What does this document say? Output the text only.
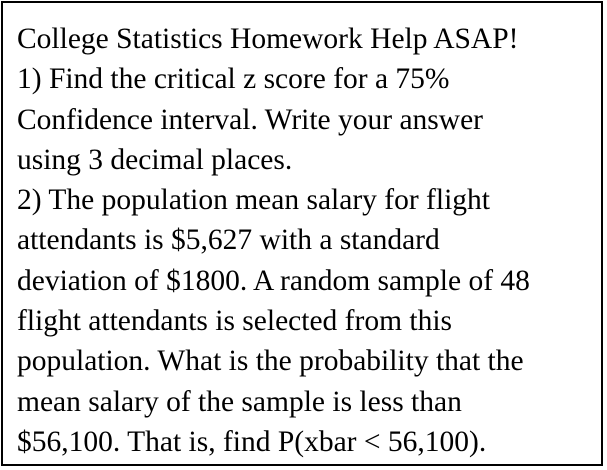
College Statistics Homework Help ASAP!
1) Find the critical z score for a 75%
Confidence interval. Write your answer
using 3 decimal places.
2) The population mean salary for flight
attendants is $5,627 with a standard
deviation of $1800. A random sample of 48
flight attendants is selected from this
population. What is the probability that the
mean salary of the sample is less than
$56,100. That is, find P(xbar < 56,100).
